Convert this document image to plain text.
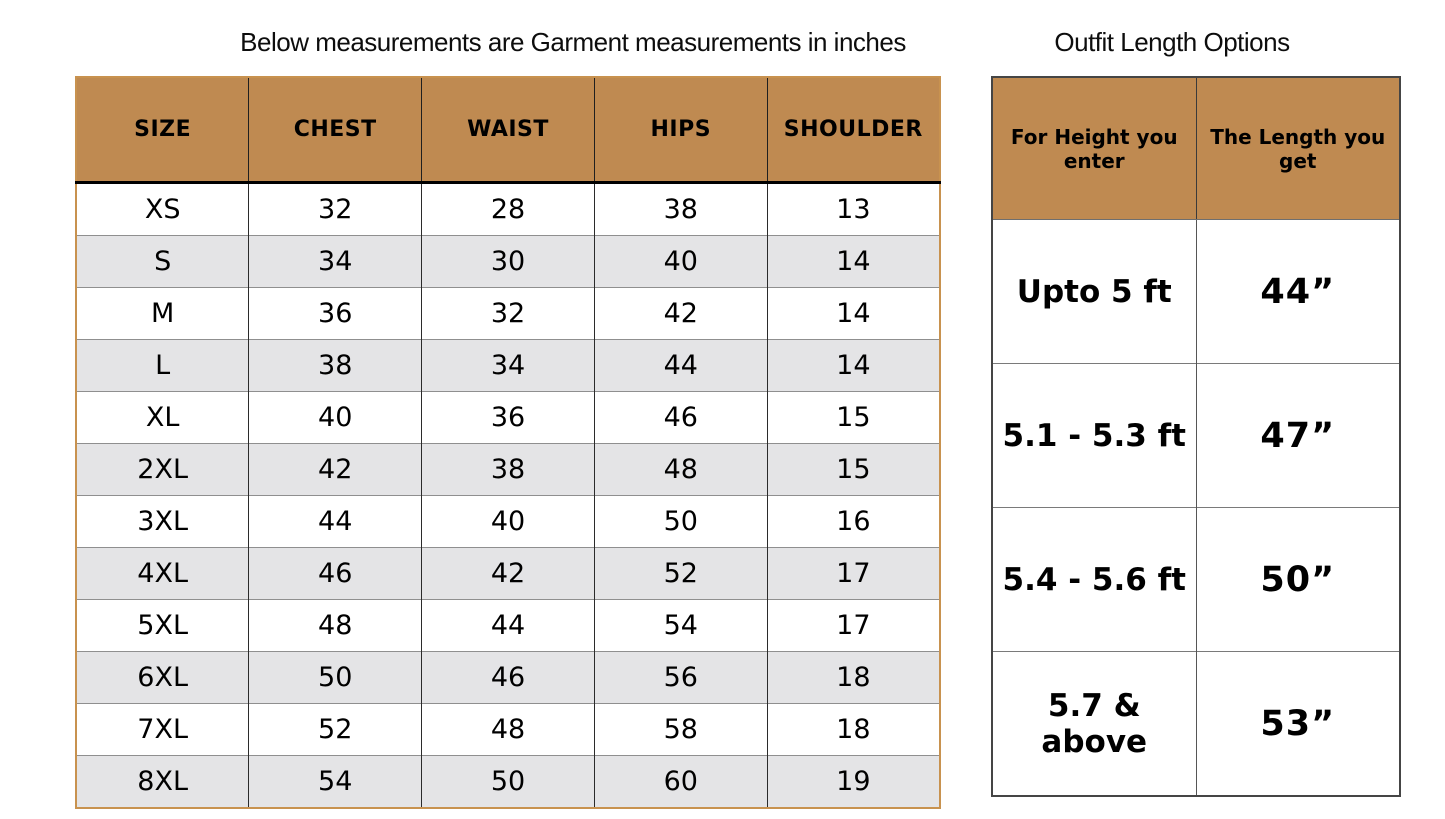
Below measurements are Garment measurements in inches	Outfit Length Options
SIZE	CHEST	WAIST	HIPS	SHOULDER
XS	32	28	38	13
S	34	30	40	14
M	36	32	42	14
L	38	34	44	14
XL	40	36	46	15
2XL	42	38	48	15
3XL	44	40	50	16
4XL	46	42	52	17
5XL	48	44	54	17
6XL	50	46	56	18
7XL	52	48	58	18
8XL	54	50	60	19
For Height you enter	The Length you get
Upto 5 ft	44”
5.1 - 5.3 ft	47”
5.4 - 5.6 ft	50”
5.7 & above	53”
